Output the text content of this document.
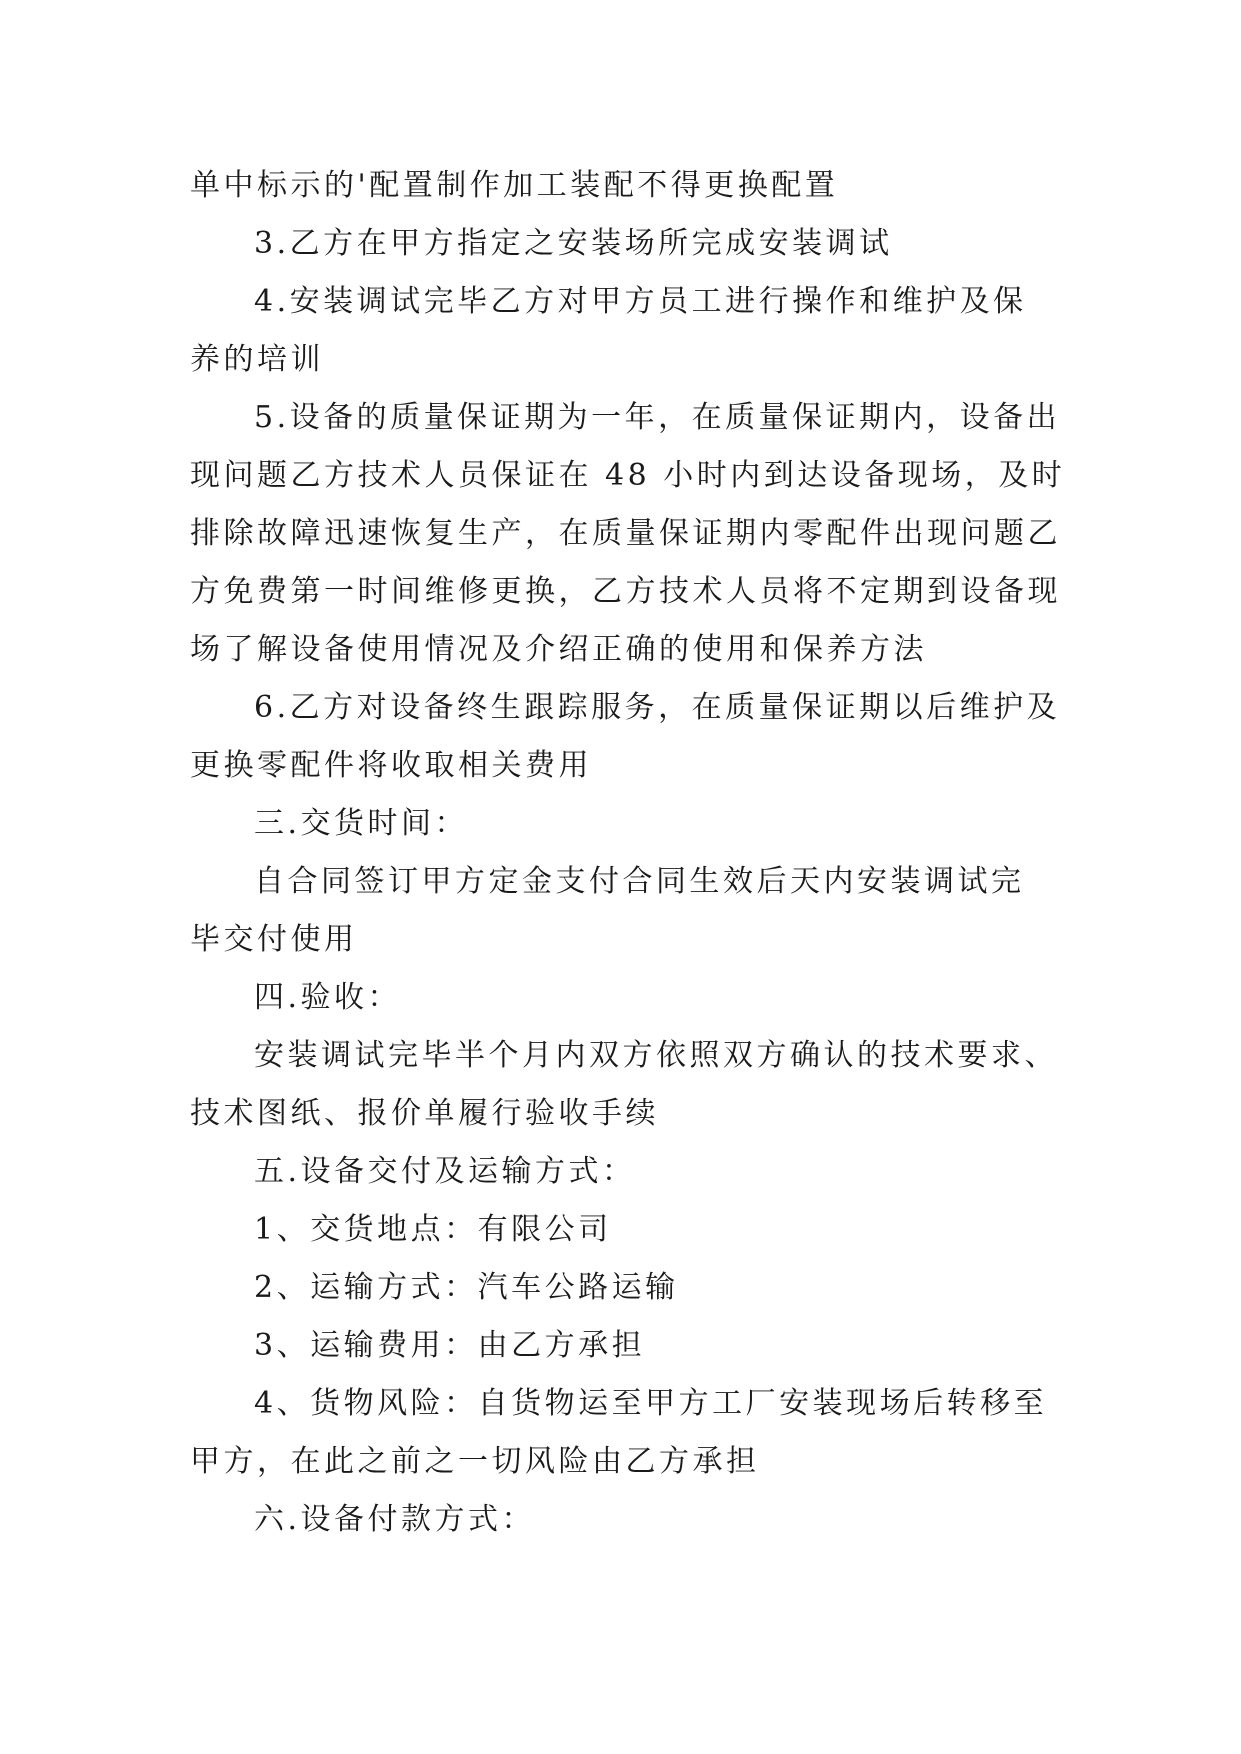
单中标示的'配置制作加工装配不得更换配置
3.乙方在甲方指定之安装场所完成安装调试
4.安装调试完毕乙方对甲方员工进行操作和维护及保
养的培训
5.设备的质量保证期为一年，在质量保证期内，设备出
现问题乙方技术人员保证在 48 小时内到达设备现场，及时
排除故障迅速恢复生产，在质量保证期内零配件出现问题乙
方免费第一时间维修更换，乙方技术人员将不定期到设备现
场了解设备使用情况及介绍正确的使用和保养方法
6.乙方对设备终生跟踪服务，在质量保证期以后维护及
更换零配件将收取相关费用
三.交货时间：
自合同签订甲方定金支付合同生效后天内安装调试完
毕交付使用
四.验收：
安装调试完毕半个月内双方依照双方确认的技术要求、
技术图纸、报价单履行验收手续
五.设备交付及运输方式：
1、交货地点：有限公司
2、运输方式：汽车公路运输
3、运输费用：由乙方承担
4、货物风险：自货物运至甲方工厂安装现场后转移至
甲方，在此之前之一切风险由乙方承担
六.设备付款方式：
